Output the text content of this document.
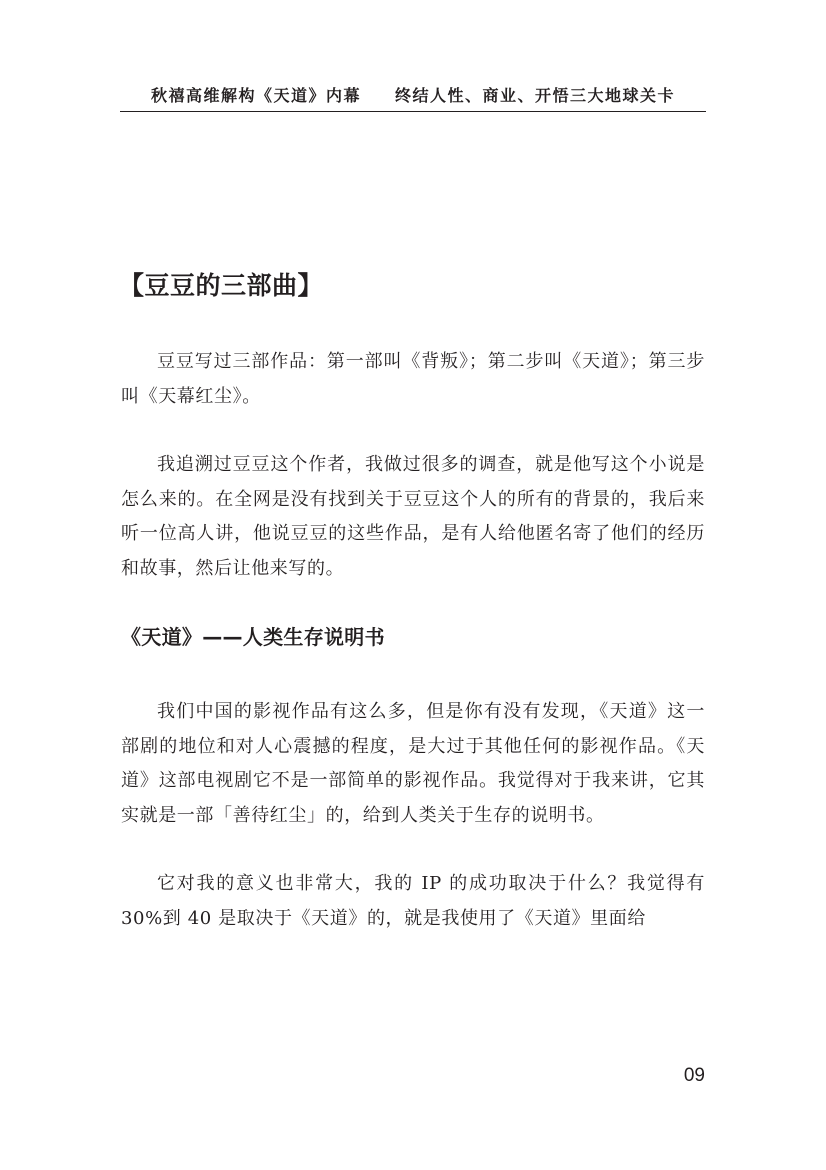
秋禧高维解构《天道》内幕 终结人性、商业、开悟三大地球关卡
【豆豆的三部曲】

豆豆写过三部作品：第一部叫《背叛》；第二步叫《天道》；第三步叫《天幕红尘》。

我追溯过豆豆这个作者，我做过很多的调查，就是他写这个小说是怎么来的。在全网是没有找到关于豆豆这个人的所有的背景的，我后来听一位高人讲，他说豆豆的这些作品，是有人给他匿名寄了他们的经历和故事，然后让他来写的。

《天道》——人类生存说明书

我们中国的影视作品有这么多，但是你有没有发现，《天道》这一部剧的地位和对人心震撼的程度，是大过于其他任何的影视作品。《天道》这部电视剧它不是一部简单的影视作品。我觉得对于我来讲，它其实就是一部「善待红尘」的，给到人类关于生存的说明书。

它对我的意义也非常大，我的 IP 的成功取决于什么？我觉得有 30%到 40 是取决于《天道》的，就是我使用了《天道》里面给

09
